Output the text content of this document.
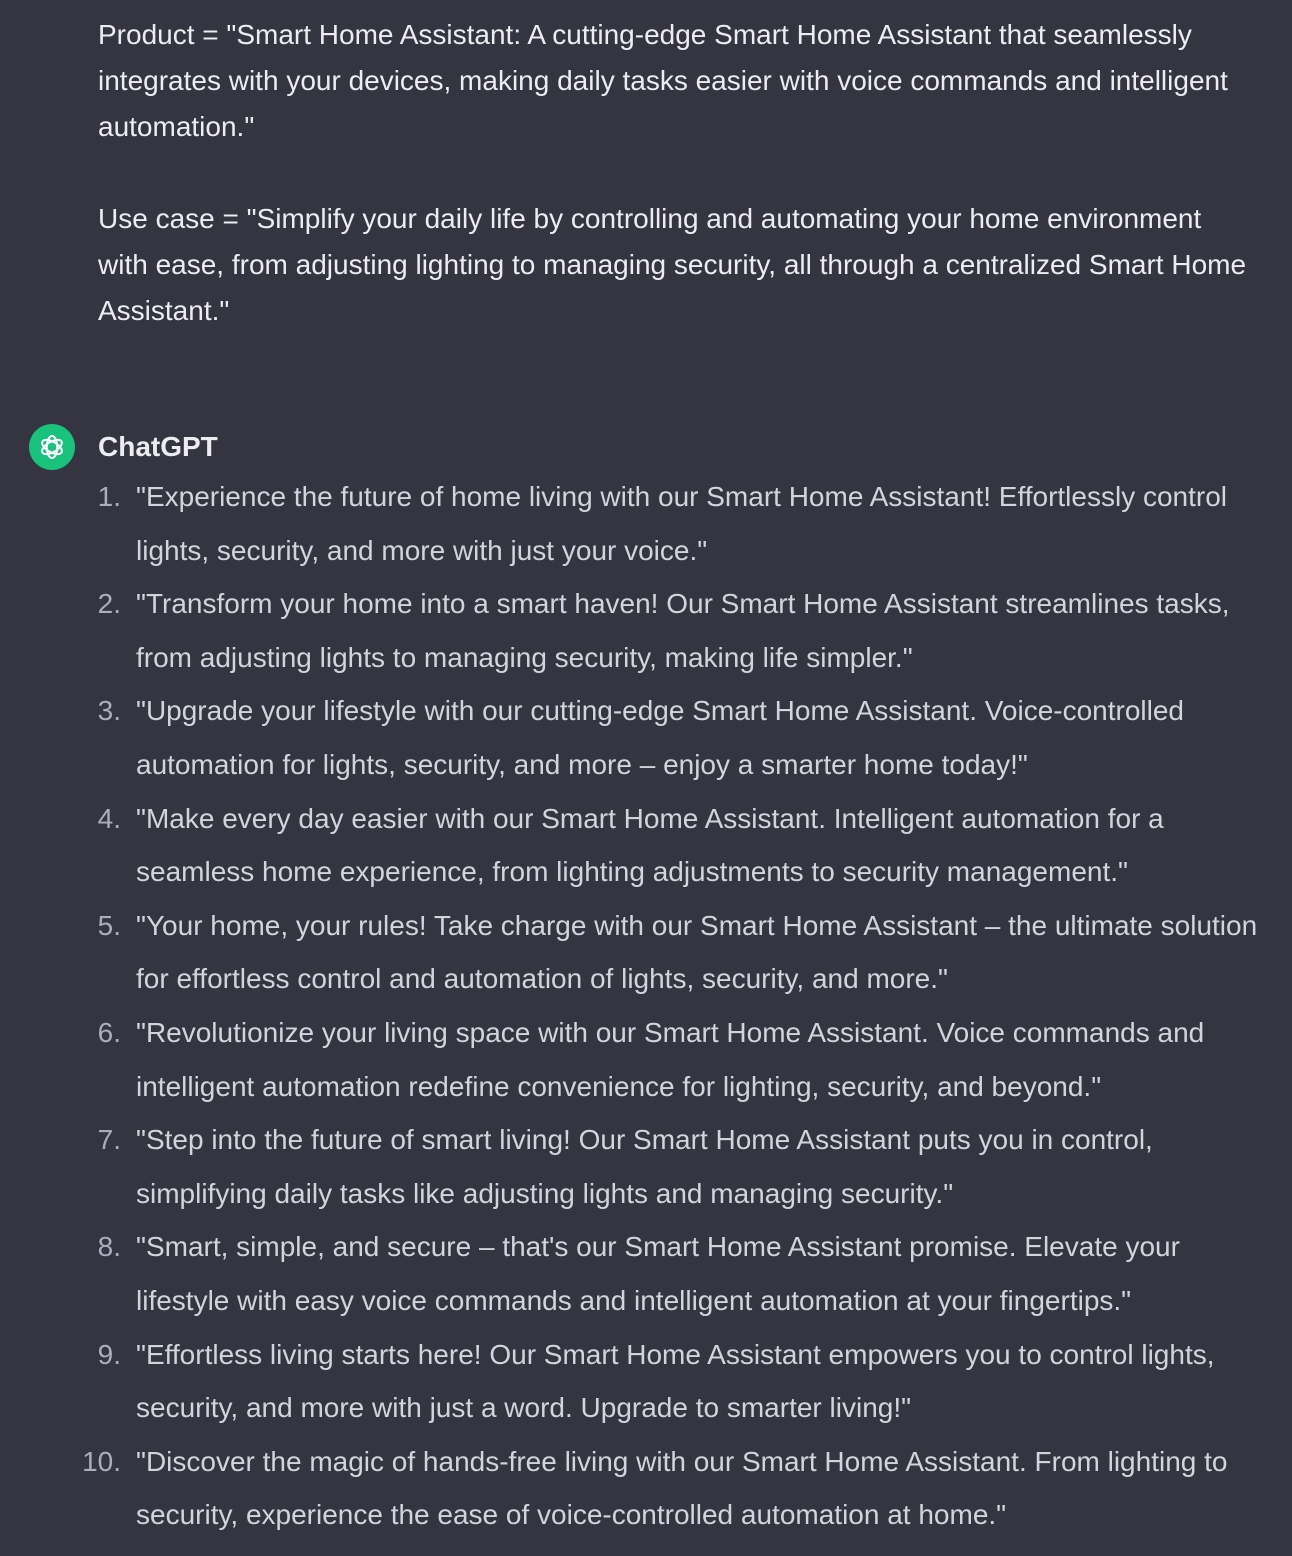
Product = "Smart Home Assistant: A cutting-edge Smart Home Assistant that seamlessly integrates with your devices, making daily tasks easier with voice commands and intelligent automation."

Use case = "Simplify your daily life by controlling and automating your home environment with ease, from adjusting lighting to managing security, all through a centralized Smart Home Assistant."

ChatGPT
1. "Experience the future of home living with our Smart Home Assistant! Effortlessly control lights, security, and more with just your voice."
2. "Transform your home into a smart haven! Our Smart Home Assistant streamlines tasks, from adjusting lights to managing security, making life simpler."
3. "Upgrade your lifestyle with our cutting-edge Smart Home Assistant. Voice-controlled automation for lights, security, and more – enjoy a smarter home today!"
4. "Make every day easier with our Smart Home Assistant. Intelligent automation for a seamless home experience, from lighting adjustments to security management."
5. "Your home, your rules! Take charge with our Smart Home Assistant – the ultimate solution for effortless control and automation of lights, security, and more."
6. "Revolutionize your living space with our Smart Home Assistant. Voice commands and intelligent automation redefine convenience for lighting, security, and beyond."
7. "Step into the future of smart living! Our Smart Home Assistant puts you in control, simplifying daily tasks like adjusting lights and managing security."
8. "Smart, simple, and secure – that's our Smart Home Assistant promise. Elevate your lifestyle with easy voice commands and intelligent automation at your fingertips."
9. "Effortless living starts here! Our Smart Home Assistant empowers you to control lights, security, and more with just a word. Upgrade to smarter living!"
10. "Discover the magic of hands-free living with our Smart Home Assistant. From lighting to security, experience the ease of voice-controlled automation at home."
